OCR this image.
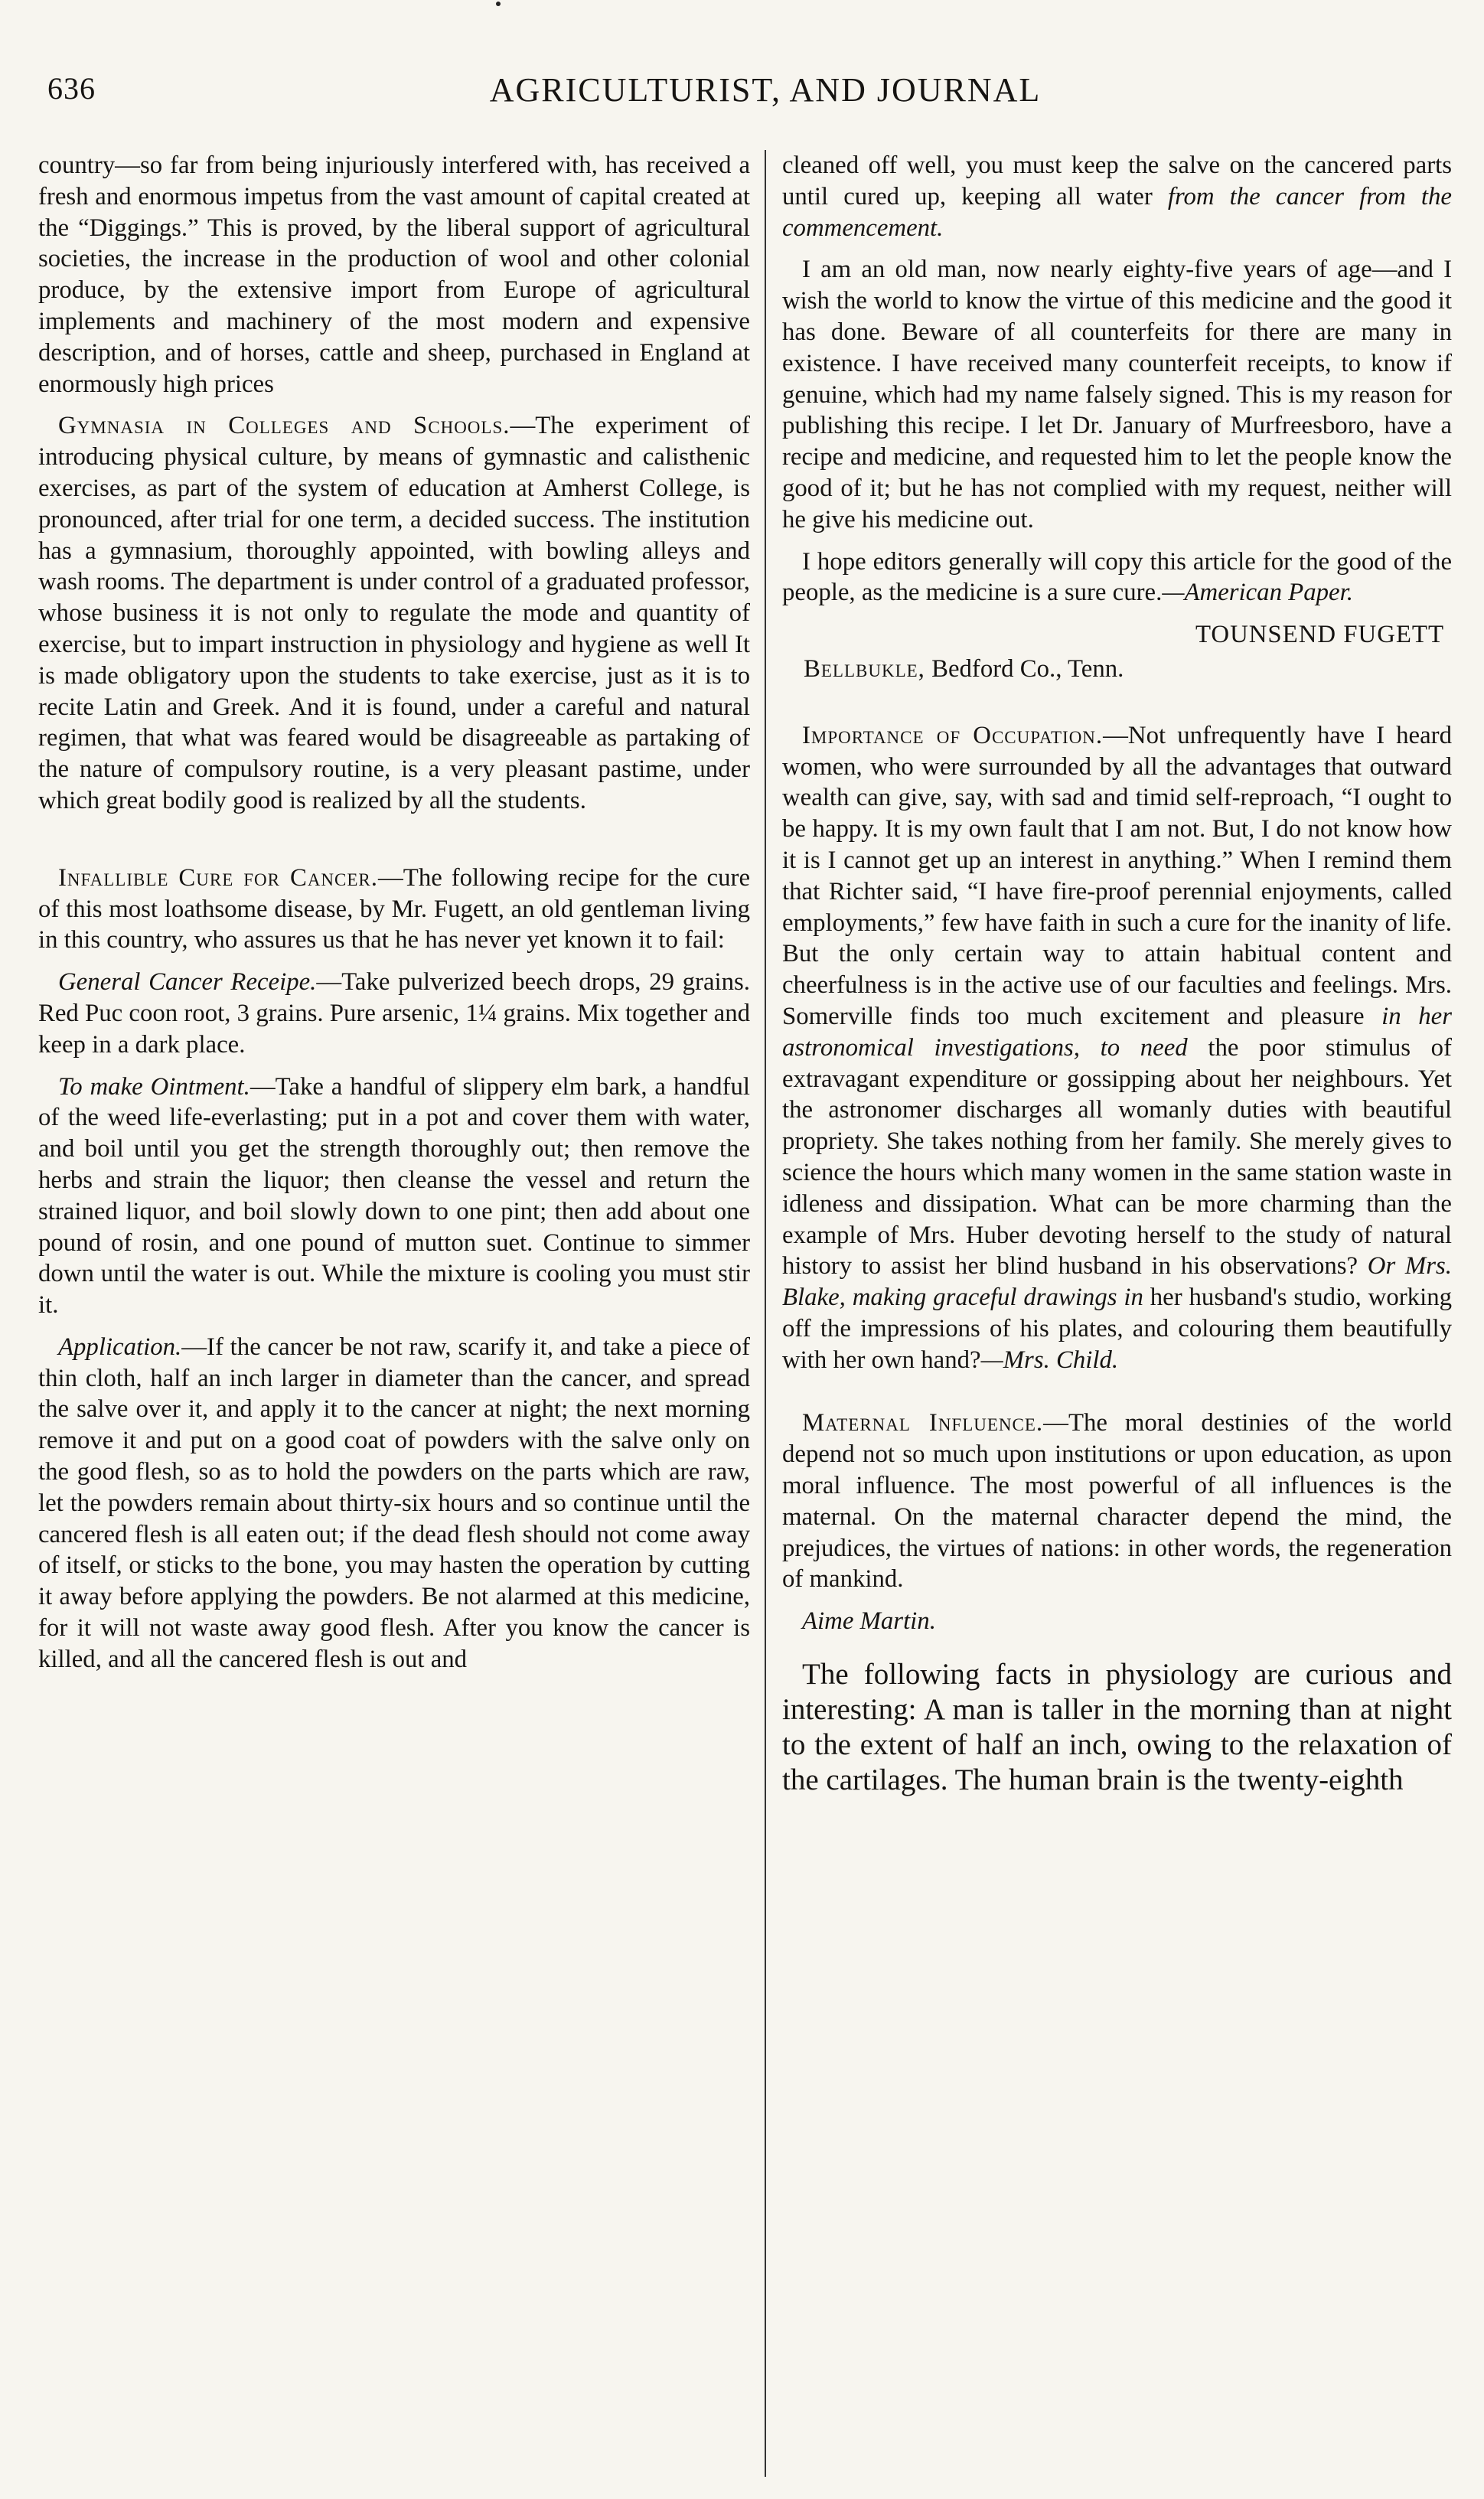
636	AGRICULTURIST, AND JOURNAL

country—so far from being injuriously interfered with, has received a fresh and enormous impetus from the vast amount of capital created at the “Diggings.” This is proved, by the liberal support of agricultural societies, the increase in the production of wool and other colonial produce, by the extensive import from Europe of agricultural implements and machinery of the most modern and expensive description, and of horses, cattle and sheep, purchased in England at enormously high prices

Gymnasia in Colleges and Schools.—The experiment of introducing physical culture, by means of gymnastic and calisthenic exercises, as part of the system of education at Amherst College, is pronounced, after trial for one term, a decided success. The institution has a gymnasium, thoroughly appointed, with bowling alleys and wash rooms. The department is under control of a graduated professor, whose business it is not only to regulate the mode and quantity of exercise, but to impart instruction in physiology and hygiene as well It is made obligatory upon the students to take exercise, just as it is to recite Latin and Greek. And it is found, under a careful and natural regimen, that what was feared would be disagreeable as partaking of the nature of compulsory routine, is a very pleasant pastime, under which great bodily good is realized by all the students.

Infallible Cure for Cancer.—The following recipe for the cure of this most loathsome disease, by Mr. Fugett, an old gentleman living in this country, who assures us that he has never yet known it to fail:

General Cancer Receipe.—Take pulverized beech drops, 29 grains. Red Puc coon root, 3 grains. Pure arsenic, 1¼ grains. Mix together and keep in a dark place.

To make Ointment.—Take a handful of slippery elm bark, a handful of the weed life-everlasting; put in a pot and cover them with water, and boil until you get the strength thoroughly out; then remove the herbs and strain the liquor; then cleanse the vessel and return the strained liquor, and boil slowly down to one pint; then add about one pound of rosin, and one pound of mutton suet. Continue to simmer down until the water is out. While the mixture is cooling you must stir it.

Application.—If the cancer be not raw, scarify it, and take a piece of thin cloth, half an inch larger in diameter than the cancer, and spread the salve over it, and apply it to the cancer at night; the next morning remove it and put on a good coat of powders with the salve only on the good flesh, so as to hold the powders on the parts which are raw, let the powders remain about thirty-six hours and so continue until the cancered flesh is all eaten out; if the dead flesh should not come away of itself, or sticks to the bone, you may hasten the operation by cutting it away before applying the powders. Be not alarmed at this medicine, for it will not waste away good flesh. After you know the cancer is killed, and all the cancered flesh is out and

cleaned off well, you must keep the salve on the cancered parts until cured up, keeping all water from the cancer from the commencement.

I am an old man, now nearly eighty-five years of age—and I wish the world to know the virtue of this medicine and the good it has done. Beware of all counterfeits for there are many in existence. I have received many counterfeit receipts, to know if genuine, which had my name falsely signed. This is my reason for publishing this recipe. I let Dr. January of Murfreesboro, have a recipe and medicine, and requested him to let the people know the good of it; but he has not complied with my request, neither will he give his medicine out.

I hope editors generally will copy this article for the good of the people, as the medicine is a sure cure.—American Paper.

TOUNSEND FUGETT
Bellbukle, Bedford Co., Tenn.

Importance of Occupation.—Not unfrequently have I heard women, who were surrounded by all the advantages that outward wealth can give, say, with sad and timid self-reproach, “I ought to be happy. It is my own fault that I am not. But, I do not know how it is I cannot get up an interest in anything.” When I remind them that Richter said, “I have fire-proof perennial enjoyments, called employments,” few have faith in such a cure for the inanity of life. But the only certain way to attain habitual content and cheerfulness is in the active use of our faculties and feelings. Mrs. Somerville finds too much excitement and pleasure in her astronomical investigations, to need the poor stimulus of extravagant expenditure or gossipping about her neighbours. Yet the astronomer discharges all womanly duties with beautiful propriety. She takes nothing from her family. She merely gives to science the hours which many women in the same station waste in idleness and dissipation. What can be more charming than the example of Mrs. Huber devoting herself to the study of natural history to assist her blind husband in his observations? Or Mrs. Blake, making graceful drawings in her husband's studio, working off the impressions of his plates, and colouring them beautifully with her own hand?—Mrs. Child.

Maternal Influence.—The moral destinies of the world depend not so much upon institutions or upon education, as upon moral influence. The most powerful of all influences is the maternal. On the maternal character depend the mind, the prejudices, the virtues of nations: in other words, the regeneration of mankind.

Aime Martin.

The following facts in physiology are curious and interesting: A man is taller in the morning than at night to the extent of half an inch, owing to the relaxation of the cartilages. The human brain is the twenty-eighth
